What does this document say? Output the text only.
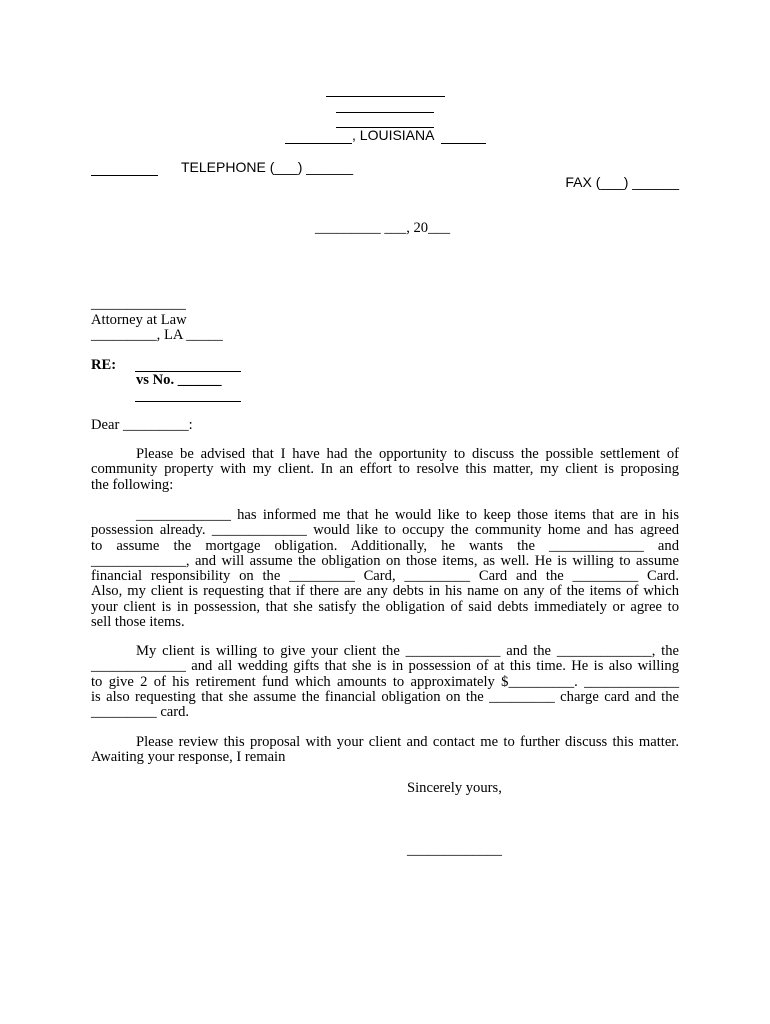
, LOUISIANA
TELEPHONE (___) ______
FAX (___) ______
_________ ___, 20___
_____________
Attorney at Law
_________, LA _____
RE:
vs No. ______
Dear _________:
Please be advised that I have had the opportunity to discuss the possible settlement of
community property with my client. In an effort to resolve this matter, my client is proposing
the following:
_____________ has informed me that he would like to keep those items that are in his
possession already. _____________ would like to occupy the community home and has agreed
to assume the mortgage obligation. Additionally, he wants the _____________ and
_____________, and will assume the obligation on those items, as well. He is willing to assume
financial responsibility on the _________ Card, _________ Card and the _________ Card.
Also, my client is requesting that if there are any debts in his name on any of the items of which
your client is in possession, that she satisfy the obligation of said debts immediately or agree to
sell those items.
My client is willing to give your client the _____________ and the _____________, the
_____________ and all wedding gifts that she is in possession of at this time. He is also willing
to give 2 of his retirement fund which amounts to approximately $_________. _____________
is also requesting that she assume the financial obligation on the _________ charge card and the
_________ card.
Please review this proposal with your client and contact me to further discuss this matter.
Awaiting your response, I remain
Sincerely yours,
_____________
